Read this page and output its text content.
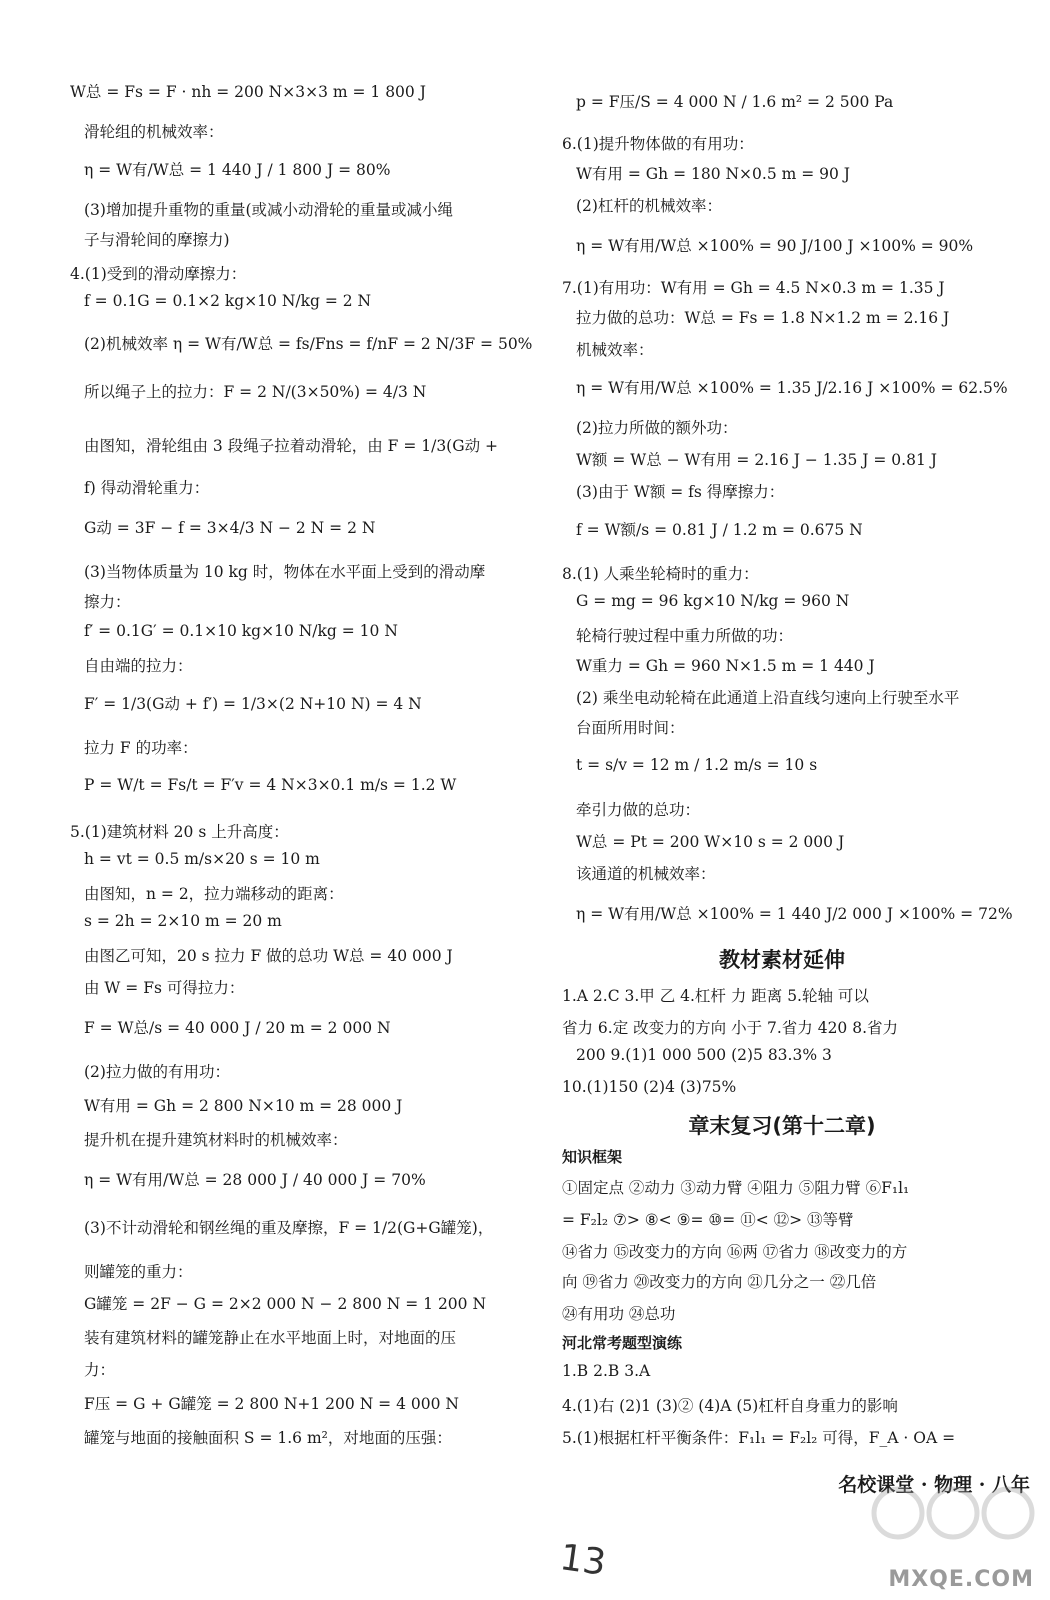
W总 = Fs = F · nh = 200 N×3×3 m = 1 800 J
滑轮组的机械效率：
η = W有/W总 = 1 440 J / 1 800 J = 80%
(3)增加提升重物的重量(或减小动滑轮的重量或减小绳
子与滑轮间的摩擦力)
4.(1)受到的滑动摩擦力：
f = 0.1G = 0.1×2 kg×10 N/kg = 2 N
(2)机械效率 η = W有/W总 = fs/Fns = f/nF = 2 N/3F = 50%
所以绳子上的拉力：F = 2 N/(3×50%) = 4/3 N
由图知，滑轮组由 3 段绳子拉着动滑轮，由 F = 1/3(G动 +
f) 得动滑轮重力：
G动 = 3F − f = 3×4/3 N − 2 N = 2 N
(3)当物体质量为 10 kg 时，物体在水平面上受到的滑动摩
擦力：
f′ = 0.1G′ = 0.1×10 kg×10 N/kg = 10 N
自由端的拉力：
F′ = 1/3(G动 + f′) = 1/3×(2 N+10 N) = 4 N
拉力 F 的功率：
P = W/t = Fs/t = F′v = 4 N×3×0.1 m/s = 1.2 W
5.(1)建筑材料 20 s 上升高度：
h = vt = 0.5 m/s×20 s = 10 m
由图知，n = 2，拉力端移动的距离：
s = 2h = 2×10 m = 20 m
由图乙可知，20 s 拉力 F 做的总功 W总 = 40 000 J
由 W = Fs 可得拉力：
F = W总/s = 40 000 J / 20 m = 2 000 N
(2)拉力做的有用功：
W有用 = Gh = 2 800 N×10 m = 28 000 J
提升机在提升建筑材料时的机械效率：
η = W有用/W总 = 28 000 J / 40 000 J = 70%
(3)不计动滑轮和钢丝绳的重及摩擦，F = 1/2(G+G罐笼)，
则罐笼的重力：
G罐笼 = 2F − G = 2×2 000 N − 2 800 N = 1 200 N
装有建筑材料的罐笼静止在水平地面上时，对地面的压
力：
F压 = G + G罐笼 = 2 800 N+1 200 N = 4 000 N
罐笼与地面的接触面积 S = 1.6 m²，对地面的压强：
p = F压/S = 4 000 N / 1.6 m² = 2 500 Pa
6.(1)提升物体做的有用功：
W有用 = Gh = 180 N×0.5 m = 90 J
(2)杠杆的机械效率：
η = W有用/W总 ×100% = 90 J/100 J ×100% = 90%
7.(1)有用功：W有用 = Gh = 4.5 N×0.3 m = 1.35 J
拉力做的总功：W总 = Fs = 1.8 N×1.2 m = 2.16 J
机械效率：
η = W有用/W总 ×100% = 1.35 J/2.16 J ×100% = 62.5%
(2)拉力所做的额外功：
W额 = W总 − W有用 = 2.16 J − 1.35 J = 0.81 J
(3)由于 W额 = fs 得摩擦力：
f = W额/s = 0.81 J / 1.2 m = 0.675 N
8.(1) 人乘坐轮椅时的重力：
G = mg = 96 kg×10 N/kg = 960 N
轮椅行驶过程中重力所做的功：
W重力 = Gh = 960 N×1.5 m = 1 440 J
(2) 乘坐电动轮椅在此通道上沿直线匀速向上行驶至水平
台面所用时间：
t = s/v = 12 m / 1.2 m/s = 10 s
牵引力做的总功：
W总 = Pt = 200 W×10 s = 2 000 J
该通道的机械效率：
η = W有用/W总 ×100% = 1 440 J/2 000 J ×100% = 72%
教材素材延伸
1.A 2.C 3.甲 乙 4.杠杆 力 距离 5.轮轴 可以
省力 6.定 改变力的方向 小于 7.省力 420 8.省力
200 9.(1)1 000 500 (2)5 83.3% 3
10.(1)150 (2)4 (3)75%
章末复习(第十二章)
知识框架
①固定点 ②动力 ③动力臂 ④阻力 ⑤阻力臂 ⑥F₁l₁
= F₂l₂ ⑦> ⑧< ⑨= ⑩= ⑪< ⑫> ⑬等臂
⑭省力 ⑮改变力的方向 ⑯两 ⑰省力 ⑱改变力的方
向 ⑲省力 ⑳改变力的方向 ㉑几分之一 ㉒几倍
㉔有用功 ㉔总功
河北常考题型演练
1.B 2.B 3.A
4.(1)右 (2)1 (3)② (4)A (5)杠杆自身重力的影响
5.(1)根据杠杆平衡条件：F₁l₁ = F₂l₂ 可得，F_A · OA =
名校课堂 · 物理 · 八年
13	MXQE.COM
